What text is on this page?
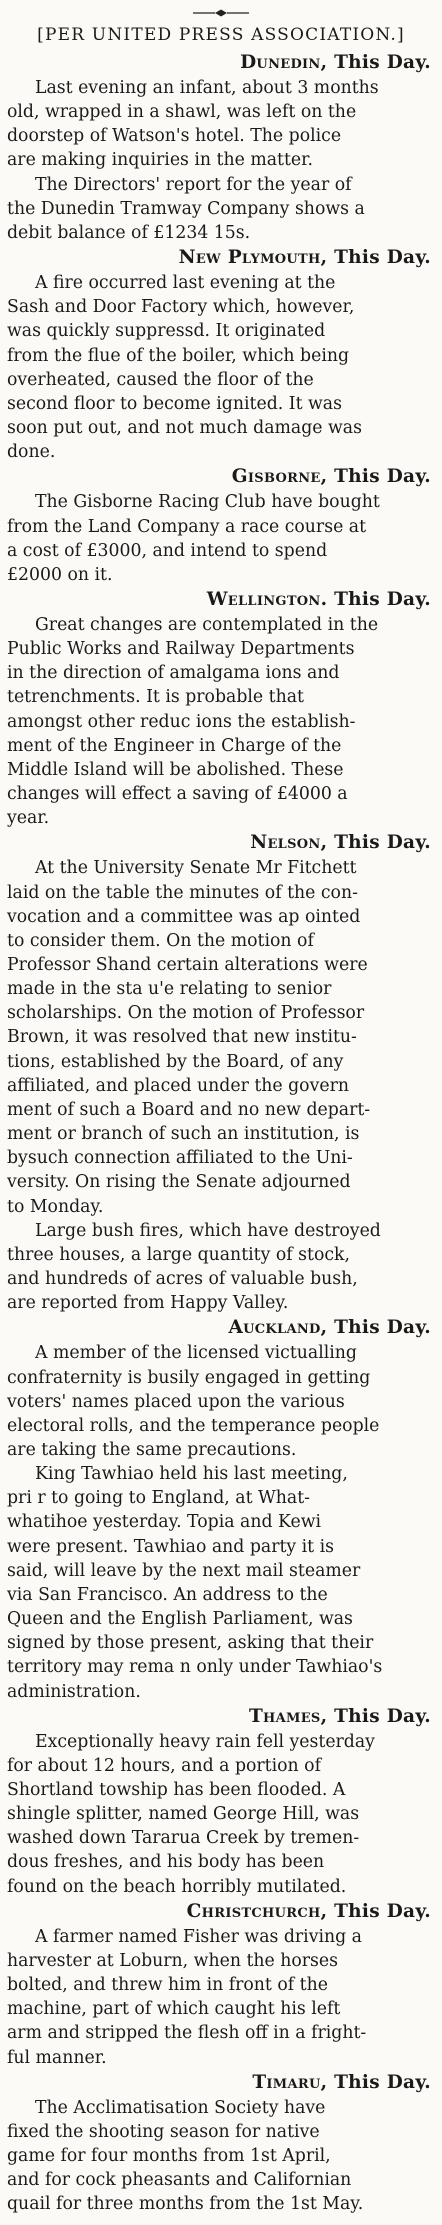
[PER UNITED PRESS ASSOCIATION.]

Dunedin, This Day.

Last evening an infant, about 3 months
old, wrapped in a shawl, was left on the
doorstep of Watson's hotel. The police
are making inquiries in the matter.

The Directors' report for the year of
the Dunedin Tramway Company shows a
debit balance of £1234 15s.

New Plymouth, This Day.

A fire occurred last evening at the
Sash and Door Factory which, however,
was quickly suppressd. It originated
from the flue of the boiler, which being
overheated, caused the floor of the
second floor to become ignited. It was
soon put out, and not much damage was
done.

Gisborne, This Day.

The Gisborne Racing Club have bought
from the Land Company a race course at
a cost of £3000, and intend to spend
£2000 on it.

Wellington. This Day.

Great changes are contemplated in the
Public Works and Railway Departments
in the direction of amalgama ions and
tetrenchments. It is probable that
amongst other reduc ions the establish-
ment of the Engineer in Charge of the
Middle Island will be abolished. These
changes will effect a saving of £4000 a
year.

Nelson, This Day.

At the University Senate Mr Fitchett
laid on the table the minutes of the con-
vocation and a committee was ap ointed
to consider them. On the motion of
Professor Shand certain alterations were
made in the sta u'e relating to senior
scholarships. On the motion of Professor
Brown, it was resolved that new institu-
tions, established by the Board, of any
affiliated, and placed under the govern
ment of such a Board and no new depart-
ment or branch of such an institution, is
bysuch connection affiliated to the Uni-
versity. On rising the Senate adjourned
to Monday.

Large bush fires, which have destroyed
three houses, a large quantity of stock,
and hundreds of acres of valuable bush,
are reported from Happy Valley.

Auckland, This Day.

A member of the licensed victualling
confraternity is busily engaged in getting
voters' names placed upon the various
electoral rolls, and the temperance people
are taking the same precautions.

King Tawhiao held his last meeting,
pri r to going to England, at What-
whatihoe yesterday. Topia and Kewi
were present. Tawhiao and party it is
said, will leave by the next mail steamer
via San Francisco. An address to the
Queen and the English Parliament, was
signed by those present, asking that their
territory may rema n only under Tawhiao's
administration.

Thames, This Day.

Exceptionally heavy rain fell yesterday
for about 12 hours, and a portion of
Shortland towship has been flooded. A
shingle splitter, named George Hill, was
washed down Tararua Creek by tremen-
dous freshes, and his body has been
found on the beach horribly mutilated.

Christchurch, This Day.

A farmer named Fisher was driving a
harvester at Loburn, when the horses
bolted, and threw him in front of the
machine, part of which caught his left
arm and stripped the flesh off in a fright-
ful manner.

Timaru, This Day.

The Acclimatisation Society have
fixed the shooting season for native
game for four months from 1st April,
and for cock pheasants and Californian
quail for three months from the 1st May.
